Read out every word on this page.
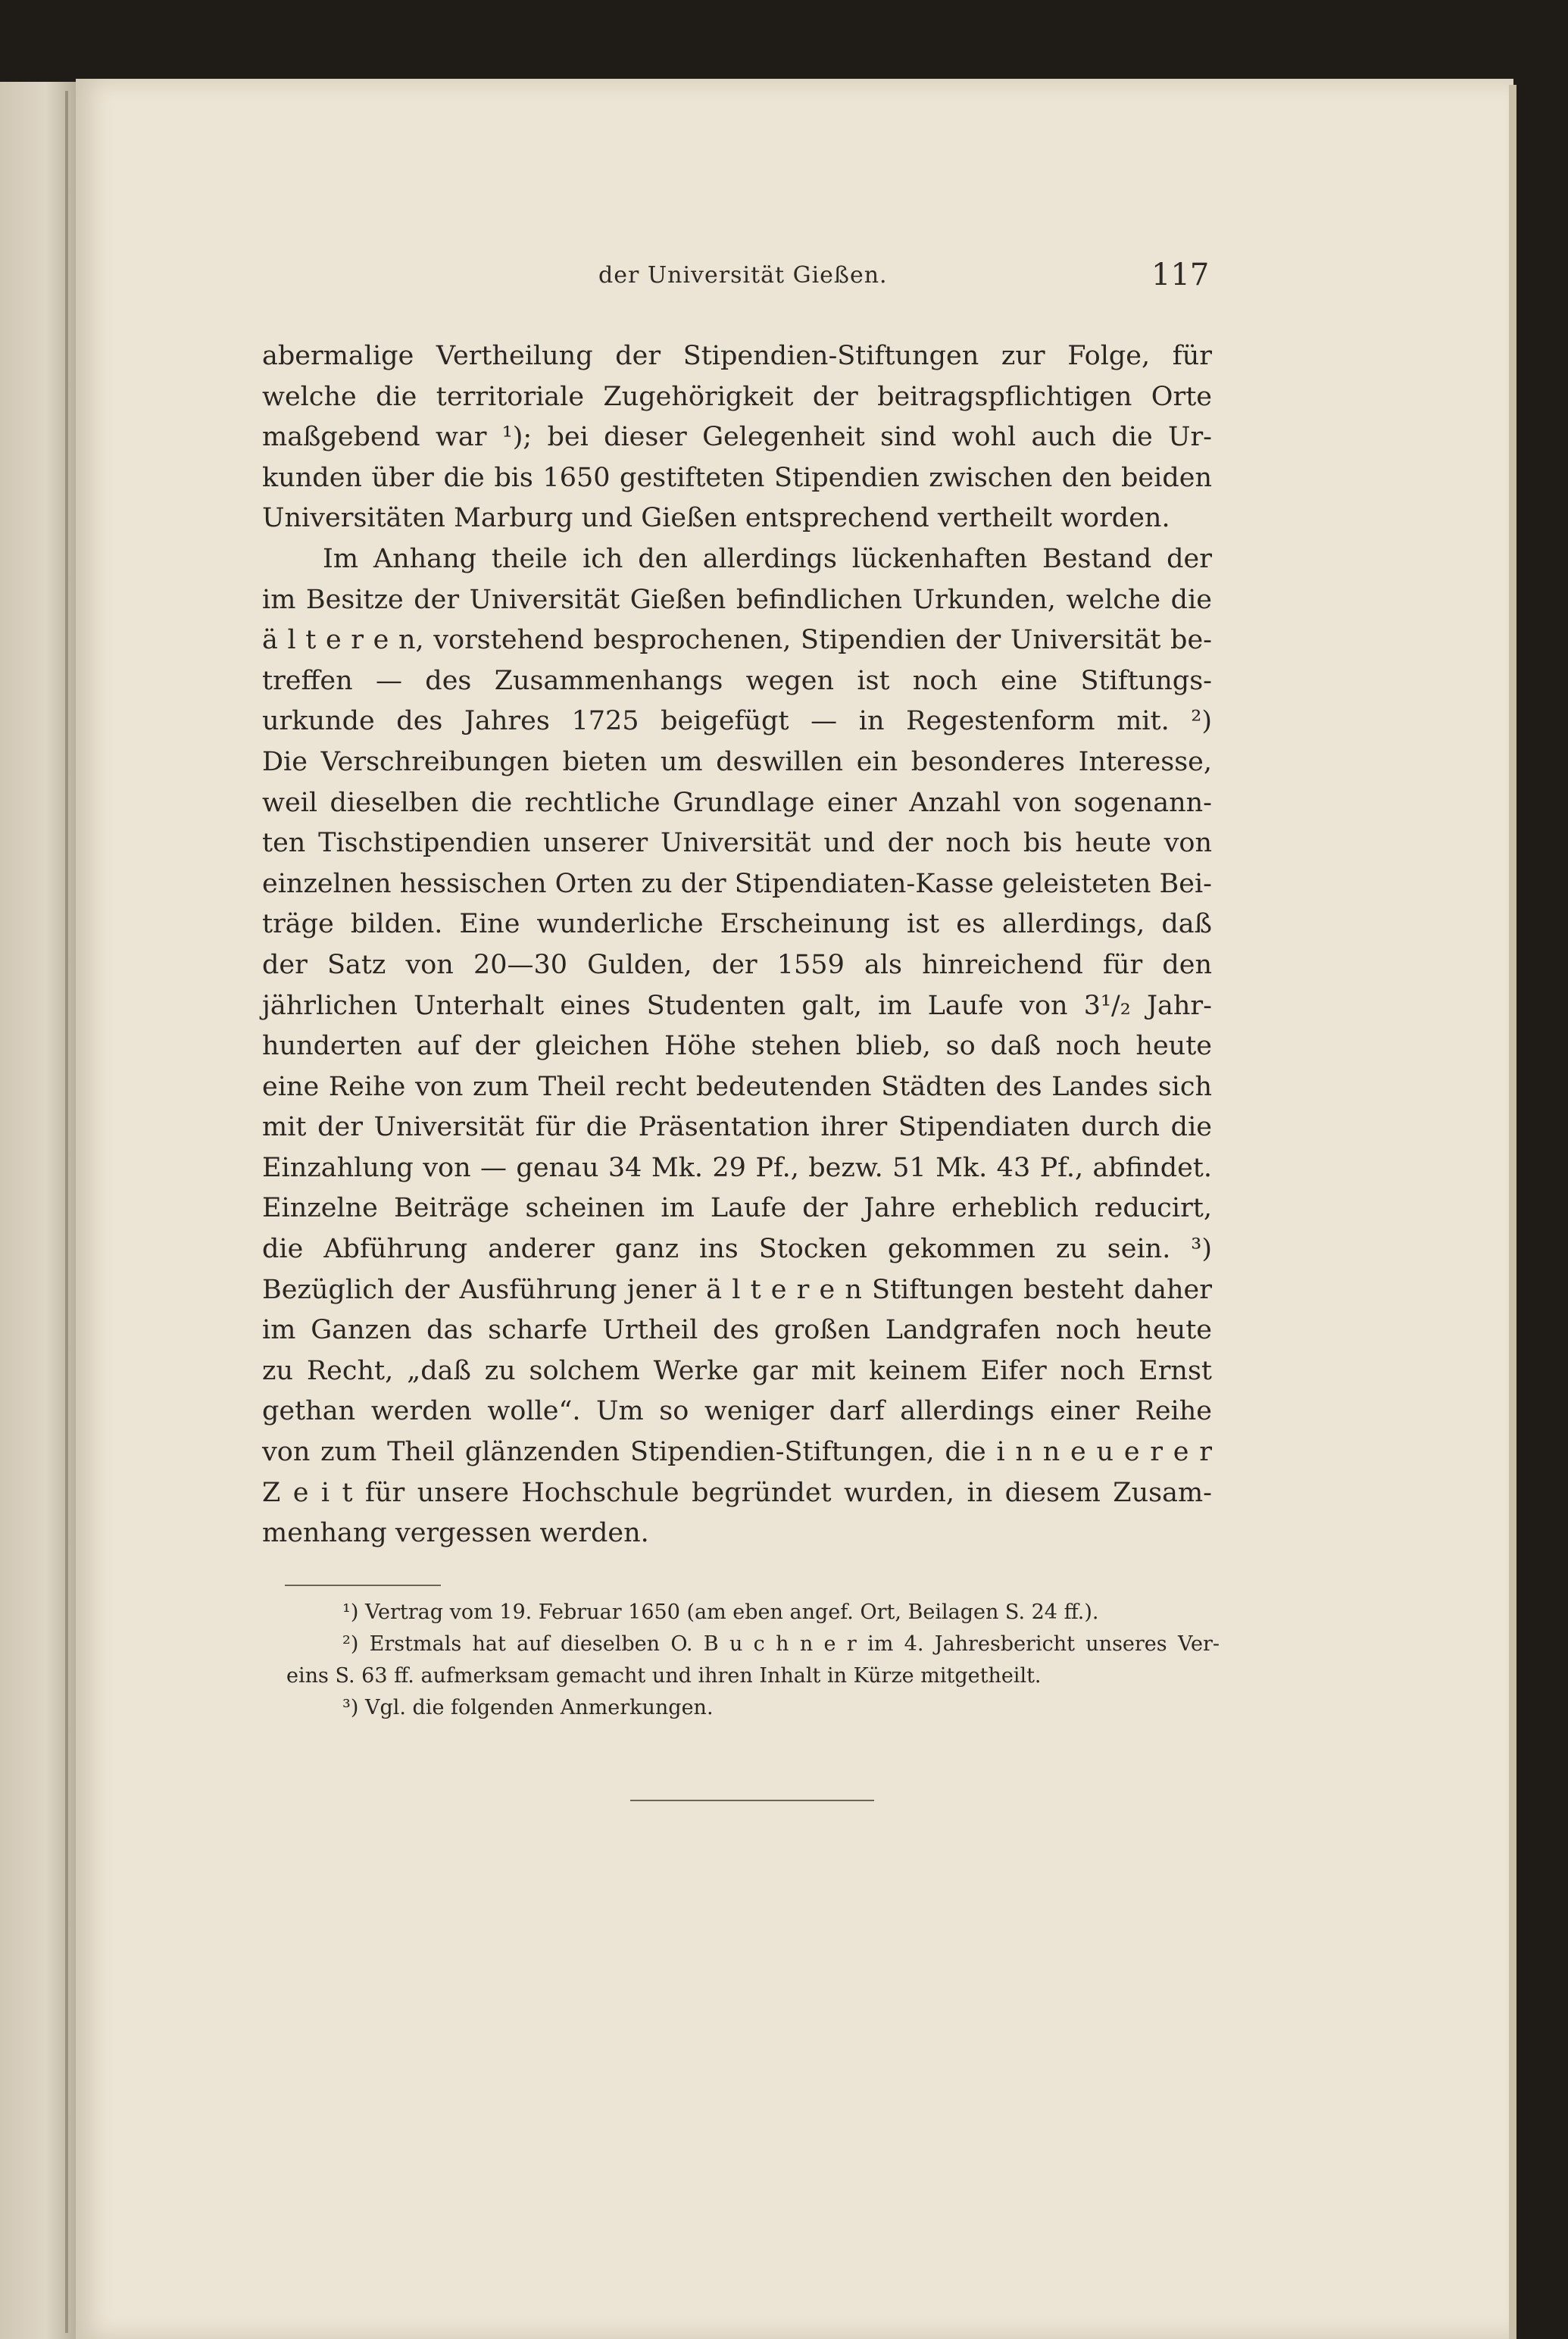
der Universität Gießen.	117
abermalige Vertheilung der Stipendien-Stiftungen zur Folge, für
welche die territoriale Zugehörigkeit der beitragspflichtigen Orte
maßgebend war ¹); bei dieser Gelegenheit sind wohl auch die Ur-
kunden über die bis 1650 gestifteten Stipendien zwischen den beiden
Universitäten Marburg und Gießen entsprechend vertheilt worden.
Im Anhang theile ich den allerdings lückenhaften Bestand der
im Besitze der Universität Gießen befindlichen Urkunden, welche die
ä l t e r e n, vorstehend besprochenen, Stipendien der Universität be-
treffen — des Zusammenhangs wegen ist noch eine Stiftungs-
urkunde des Jahres 1725 beigefügt — in Regestenform mit. ²)
Die Verschreibungen bieten um deswillen ein besonderes Interesse,
weil dieselben die rechtliche Grundlage einer Anzahl von sogenann-
ten Tischstipendien unserer Universität und der noch bis heute von
einzelnen hessischen Orten zu der Stipendiaten-Kasse geleisteten Bei-
träge bilden. Eine wunderliche Erscheinung ist es allerdings, daß
der Satz von 20—30 Gulden, der 1559 als hinreichend für den
jährlichen Unterhalt eines Studenten galt, im Laufe von 3¹/₂ Jahr-
hunderten auf der gleichen Höhe stehen blieb, so daß noch heute
eine Reihe von zum Theil recht bedeutenden Städten des Landes sich
mit der Universität für die Präsentation ihrer Stipendiaten durch die
Einzahlung von — genau 34 Mk. 29 Pf., bezw. 51 Mk. 43 Pf., abfindet.
Einzelne Beiträge scheinen im Laufe der Jahre erheblich reducirt,
die Abführung anderer ganz ins Stocken gekommen zu sein. ³)
Bezüglich der Ausführung jener ä l t e r e n Stiftungen besteht daher
im Ganzen das scharfe Urtheil des großen Landgrafen noch heute
zu Recht, „daß zu solchem Werke gar mit keinem Eifer noch Ernst
gethan werden wolle“. Um so weniger darf allerdings einer Reihe
von zum Theil glänzenden Stipendien-Stiftungen, die i n n e u e r e r
Z e i t für unsere Hochschule begründet wurden, in diesem Zusam-
menhang vergessen werden.
¹) Vertrag vom 19. Februar 1650 (am eben angef. Ort, Beilagen S. 24 ff.).
²) Erstmals hat auf dieselben O. B u c h n e r im 4. Jahresbericht unseres Ver-
eins S. 63 ff. aufmerksam gemacht und ihren Inhalt in Kürze mitgetheilt.
³) Vgl. die folgenden Anmerkungen.
